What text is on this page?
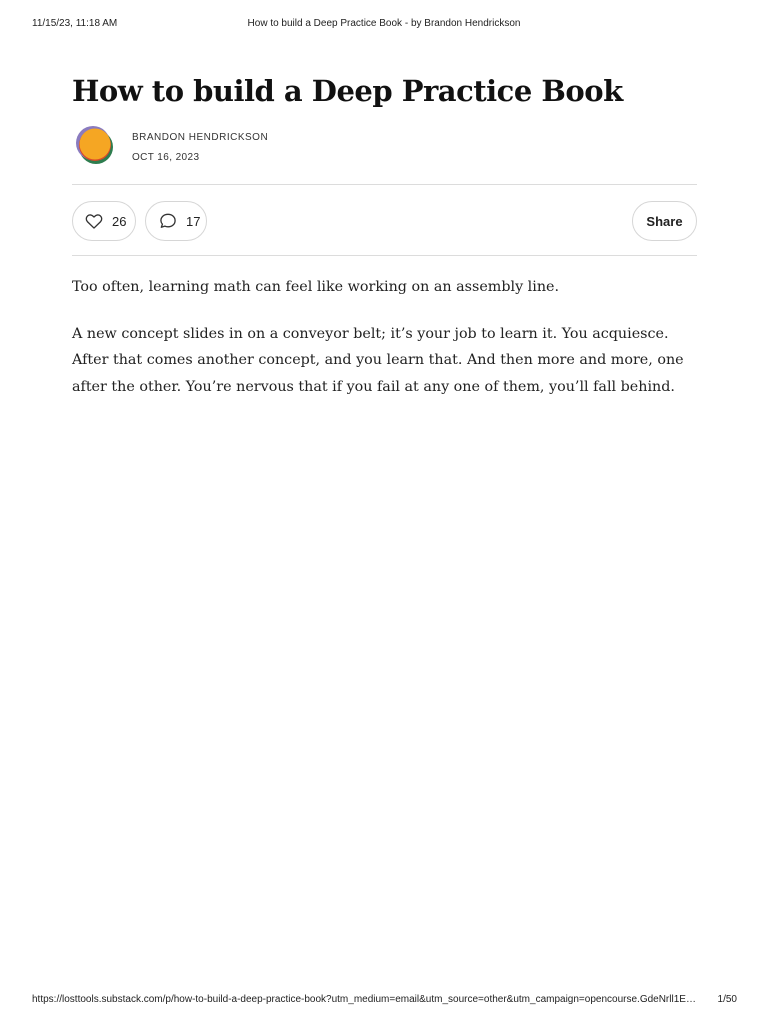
11/15/23, 11:18 AM	How to build a Deep Practice Book - by Brandon Hendrickson
How to build a Deep Practice Book
BRANDON HENDRICKSON
OCT 16, 2023
26	17	Share

Too often, learning math can feel like working on an assembly line.

A new concept slides in on a conveyor belt; it’s your job to learn it. You acquiesce. After that comes another concept, and you learn that. And then more and more, one after the other. You’re nervous that if you fail at any one of them, you’ll fall behind.

https://losttools.substack.com/p/how-to-build-a-deep-practice-book?utm_medium=email&utm_source=other&utm_campaign=opencourse.GdeNrll1E…	1/50
